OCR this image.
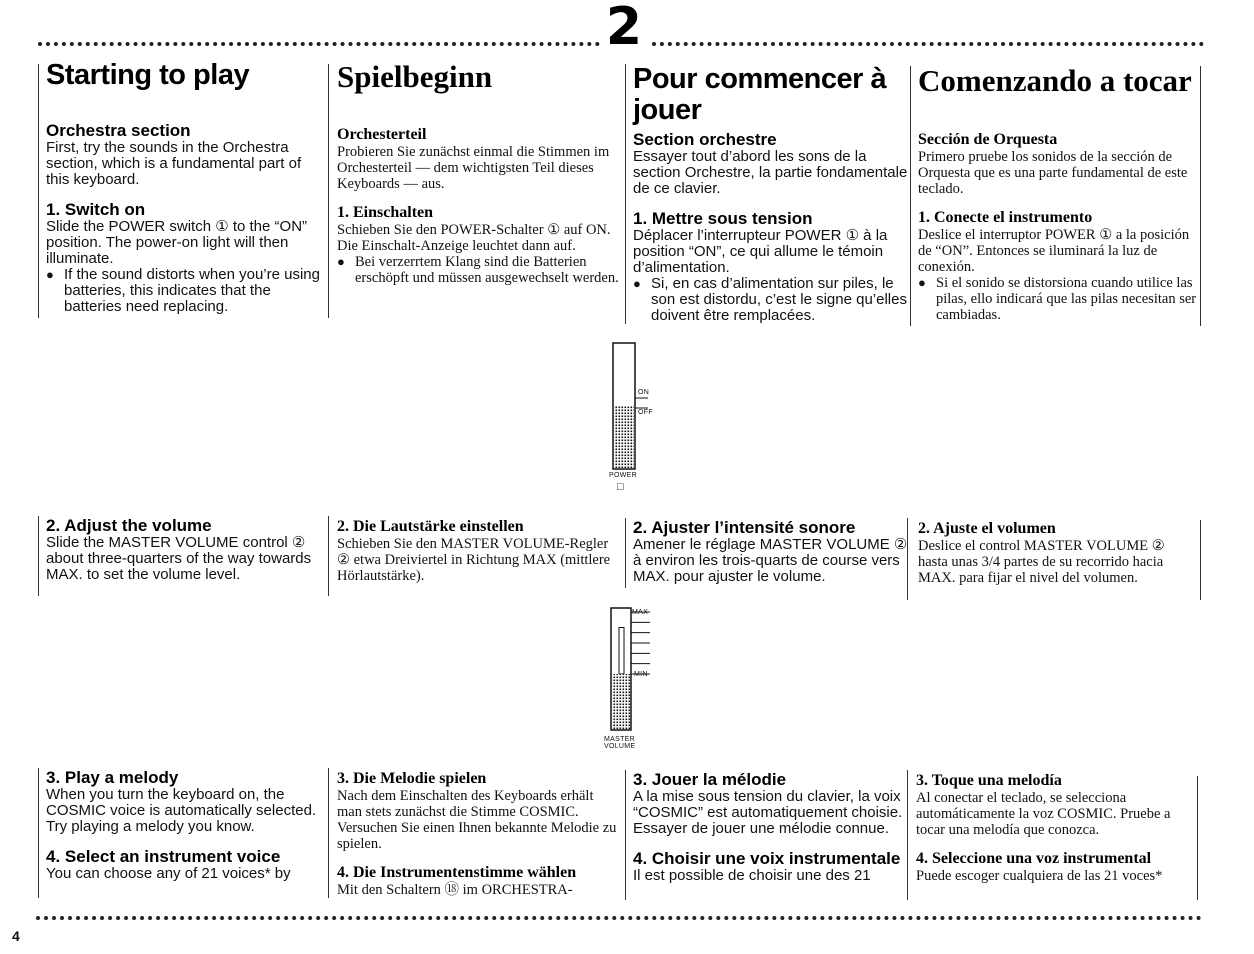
2
Starting to play

Orchestra section

First, try the sounds in the Orchestra section, which is a fundamental part of this keyboard.

1. Switch on

Slide the POWER switch ① to the “ON” position. The power-on light will then illuminate.

● If the sound distorts when you’re using batteries, this indicates that the batteries need replacing.

2. Adjust the volume

Slide the MASTER VOLUME control ② about three-quarters of the way towards MAX. to set the volume level.

3. Play a melody

When you turn the keyboard on, the COSMIC voice is automatically selected. Try playing a melody you know.

4. Select an instrument voice

You can choose any of 21 voices* by

Spielbeginn

Orchesterteil

Probieren Sie zunächst einmal die Stimmen im Orchesterteil — dem wichtigsten Teil dieses Keyboards — aus.

1. Einschalten

Schieben Sie den POWER-Schalter ① auf ON. Die Einschalt-Anzeige leuchtet dann auf.

● Bei verzerrtem Klang sind die Batterien erschöpft und müssen ausgewechselt werden.

2. Die Lautstärke einstellen

Schieben Sie den MASTER VOLUME-Regler ② etwa Dreiviertel in Richtung MAX (mittlere Hörlautstärke).

3. Die Melodie spielen

Nach dem Einschalten des Keyboards erhält man stets zunächst die Stimme COSMIC. Versuchen Sie einen Ihnen bekannte Melodie zu spielen.

4. Die Instrumentenstimme wählen

Mit den Schaltern ⑱ im ORCHESTRA-

Pour commencer à jouer

Section orchestre

Essayer tout d’abord les sons de la section Orchestre, la partie fondamentale de ce clavier.

1. Mettre sous tension

Déplacer l’interrupteur POWER ① à la position “ON”, ce qui allume le témoin d’alimentation.

● Si, en cas d’alimentation sur piles, le son est distordu, c’est le signe qu’elles doivent être remplacées.

2. Ajuster l’intensité sonore

Amener le réglage MASTER VOLUME ② à environ les trois-quarts de course vers MAX. pour ajuster le volume.

3. Jouer la mélodie

A la mise sous tension du clavier, la voix “COSMIC” est automatiquement choisie. Essayer de jouer une mélodie connue.

4. Choisir une voix instrumentale

Il est possible de choisir une des 21

Comenzando a tocar

Sección de Orquesta

Primero pruebe los sonidos de la sección de Orquesta que es una parte fundamental de este teclado.

1. Conecte el instrumento

Deslice el interruptor POWER ① a la posición de “ON”. Entonces se iluminará la luz de conexión.

● Si el sonido se distorsiona cuando utilice las pilas, ello indicará que las pilas necesitan ser cambiadas.

2. Ajuste el volumen

Deslice el control MASTER VOLUME ② hasta unas 3/4 partes de su recorrido hacia MAX. para fijar el nivel del volumen.

3. Toque una melodía

Al conectar el teclado, se selecciona automáticamente la voz COSMIC. Pruebe a tocar una melodía que conozca.

4. Seleccione una voz instrumental

Puede escoger cualquiera de las 21 voces*

ON
OFF
POWER
□
MAX
MIN
MASTER
VOLUME
4
